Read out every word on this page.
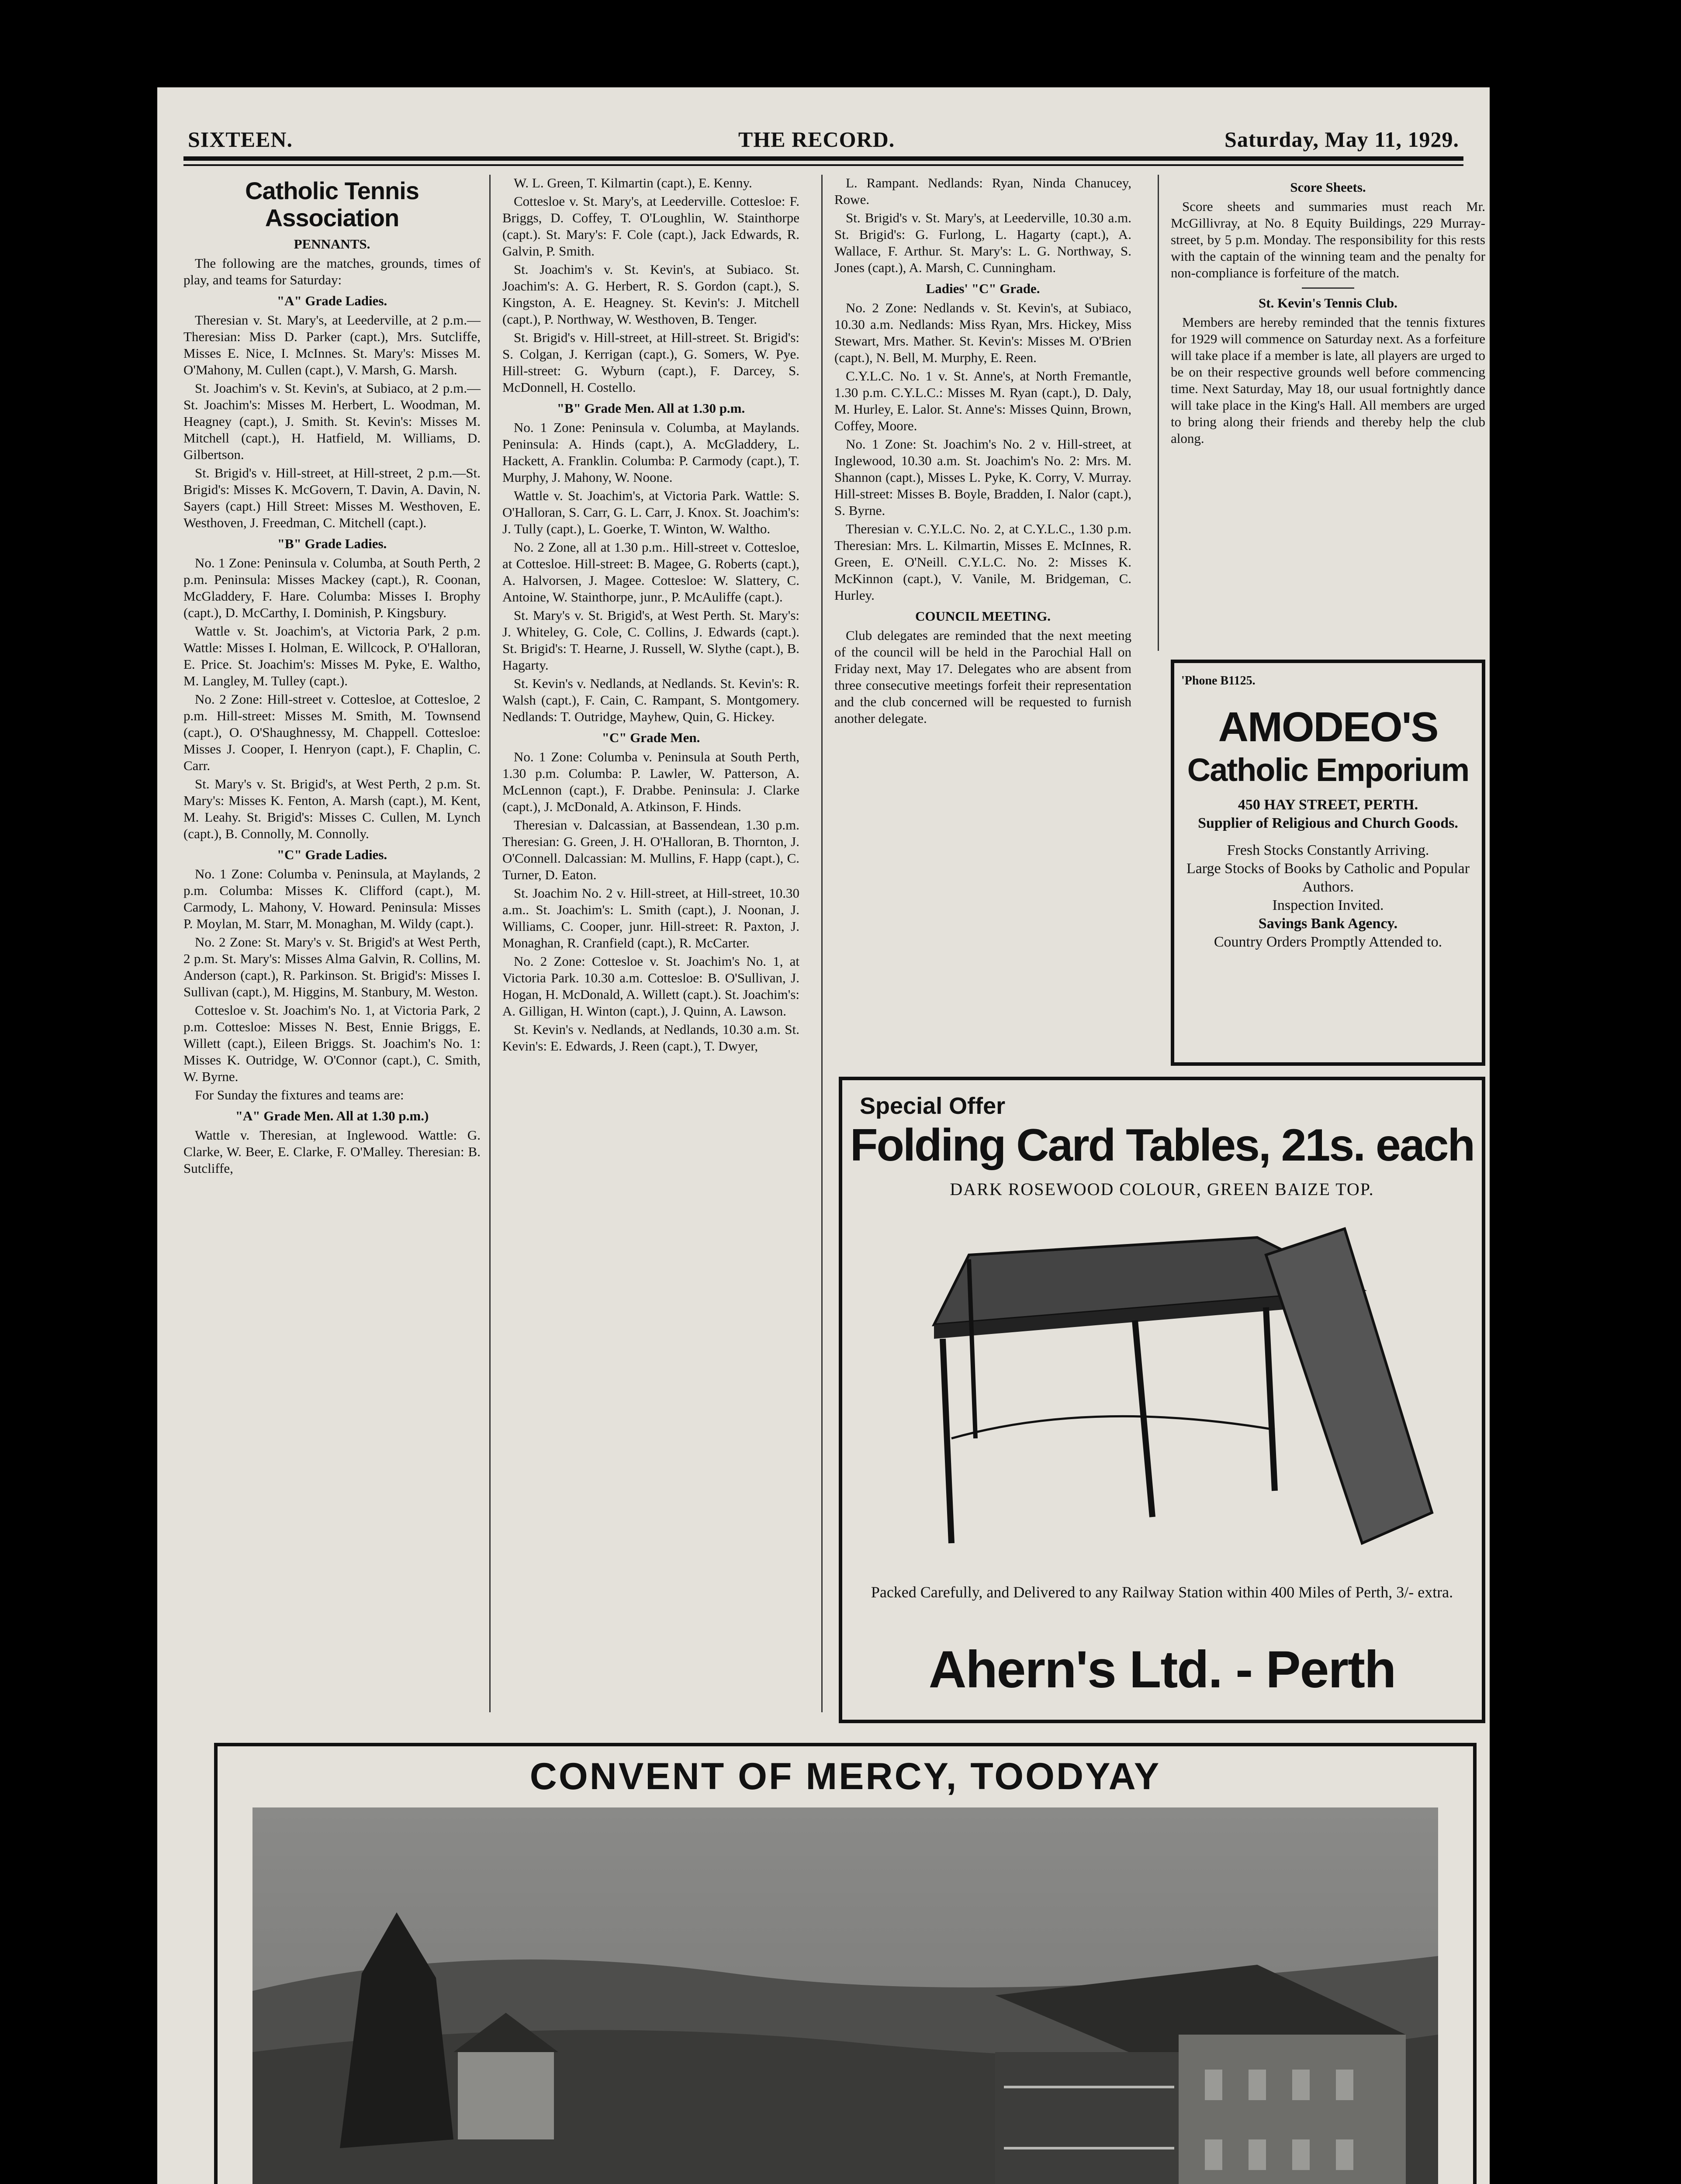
SIXTEEN.	THE RECORD.	Saturday, May 11, 1929.
Catholic Tennis Association
PENNANTS.

The following are the matches, grounds, times of play, and teams for Saturday:

"A" Grade Ladies.

Theresian v. St. Mary's, at Leederville, at 2 p.m.—Theresian: Miss D. Parker (capt.), Mrs. Sutcliffe, Misses E. Nice, I. McInnes. St. Mary's: Misses M. O'Mahony, M. Cullen (capt.), V. Marsh, G. Marsh.

St. Joachim's v. St. Kevin's, at Subiaco, at 2 p.m.—St. Joachim's: Misses M. Herbert, L. Woodman, M. Heagney (capt.), J. Smith. St. Kevin's: Misses M. Mitchell (capt.), H. Hatfield, M. Williams, D. Gilbertson.

St. Brigid's v. Hill-street, at Hill-street, 2 p.m.—St. Brigid's: Misses K. McGovern, T. Davin, A. Davin, N. Sayers (capt.) Hill Street: Misses M. Westhoven, E. Westhoven, J. Freedman, C. Mitchell (capt.).

"B" Grade Ladies.

No. 1 Zone: Peninsula v. Columba, at South Perth, 2 p.m. Peninsula: Misses Mackey (capt.), R. Coonan, McGladdery, F. Hare. Columba: Misses I. Brophy (capt.), D. McCarthy, I. Dominish, P. Kingsbury.

Wattle v. St. Joachim's, at Victoria Park, 2 p.m. Wattle: Misses I. Holman, E. Willcock, P. O'Halloran, E. Price. St. Joachim's: Misses M. Pyke, E. Waltho, M. Langley, M. Tulley (capt.).

No. 2 Zone: Hill-street v. Cottesloe, at Cottesloe, 2 p.m. Hill-street: Misses M. Smith, M. Townsend (capt.), O. O'Shaughnessy, M. Chappell. Cottesloe: Misses J. Cooper, I. Henryon (capt.), F. Chaplin, C. Carr.

St. Mary's v. St. Brigid's, at West Perth, 2 p.m. St. Mary's: Misses K. Fenton, A. Marsh (capt.), M. Kent, M. Leahy. St. Brigid's: Misses C. Cullen, M. Lynch (capt.), B. Connolly, M. Connolly.

"C" Grade Ladies.

No. 1 Zone: Columba v. Peninsula, at Maylands, 2 p.m. Columba: Misses K. Clifford (capt.), M. Carmody, L. Mahony, V. Howard. Peninsula: Misses P. Moylan, M. Starr, M. Monaghan, M. Wildy (capt.).

No. 2 Zone: St. Mary's v. St. Brigid's at West Perth, 2 p.m. St. Mary's: Misses Alma Galvin, R. Collins, M. Anderson (capt.), R. Parkinson. St. Brigid's: Misses I. Sullivan (capt.), M. Higgins, M. Stanbury, M. Weston.

Cottesloe v. St. Joachim's No. 1, at Victoria Park, 2 p.m. Cottesloe: Misses N. Best, Ennie Briggs, E. Willett (capt.), Eileen Briggs. St. Joachim's No. 1: Misses K. Outridge, W. O'Connor (capt.), C. Smith, W. Byrne.

For Sunday the fixtures and teams are:

"A" Grade Men. All at 1.30 p.m.)

Wattle v. Theresian, at Inglewood. Wattle: G. Clarke, W. Beer, E. Clarke, F. O'Malley. Theresian: B. Sutcliffe,

W. L. Green, T. Kilmartin (capt.), E. Kenny.

Cottesloe v. St. Mary's, at Leederville. Cottesloe: F. Briggs, D. Coffey, T. O'Loughlin, W. Stainthorpe (capt.). St. Mary's: F. Cole (capt.), Jack Edwards, R. Galvin, P. Smith.

St. Joachim's v. St. Kevin's, at Subiaco. St. Joachim's: A. G. Herbert, R. S. Gordon (capt.), S. Kingston, A. E. Heagney. St. Kevin's: J. Mitchell (capt.), P. Northway, W. Westhoven, B. Tenger.

St. Brigid's v. Hill-street, at Hill-street. St. Brigid's: S. Colgan, J. Kerrigan (capt.), G. Somers, W. Pye. Hill-street: G. Wyburn (capt.), F. Darcey, S. McDonnell, H. Costello.

"B" Grade Men. All at 1.30 p.m.

No. 1 Zone: Peninsula v. Columba, at Maylands. Peninsula: A. Hinds (capt.), A. McGladdery, L. Hackett, A. Franklin. Columba: P. Carmody (capt.), T. Murphy, J. Mahony, W. Noone.

Wattle v. St. Joachim's, at Victoria Park. Wattle: S. O'Halloran, S. Carr, G. L. Carr, J. Knox. St. Joachim's: J. Tully (capt.), L. Goerke, T. Winton, W. Waltho.

No. 2 Zone, all at 1.30 p.m.. Hill-street v. Cottesloe, at Cottesloe. Hill-street: B. Magee, G. Roberts (capt.), A. Halvorsen, J. Magee. Cottesloe: W. Slattery, C. Antoine, W. Stainthorpe, junr., P. McAuliffe (capt.).

St. Mary's v. St. Brigid's, at West Perth. St. Mary's: J. Whiteley, G. Cole, C. Collins, J. Edwards (capt.). St. Brigid's: T. Hearne, J. Russell, W. Slythe (capt.), B. Hagarty.

St. Kevin's v. Nedlands, at Nedlands. St. Kevin's: R. Walsh (capt.), F. Cain, C. Rampant, S. Montgomery. Nedlands: T. Outridge, Mayhew, Quin, G. Hickey.

"C" Grade Men.

No. 1 Zone: Columba v. Peninsula at South Perth, 1.30 p.m. Columba: P. Lawler, W. Patterson, A. McLennon (capt.), F. Drabbe. Peninsula: J. Clarke (capt.), J. McDonald, A. Atkinson, F. Hinds.

Theresian v. Dalcassian, at Bassendean, 1.30 p.m. Theresian: G. Green, J. H. O'Halloran, B. Thornton, J. O'Connell. Dalcassian: M. Mullins, F. Happ (capt.), C. Turner, D. Eaton.

St. Joachim No. 2 v. Hill-street, at Hill-street, 10.30 a.m.. St. Joachim's: L. Smith (capt.), J. Noonan, J. Williams, C. Cooper, junr. Hill-street: R. Paxton, J. Monaghan, R. Cranfield (capt.), R. McCarter.

No. 2 Zone: Cottesloe v. St. Joachim's No. 1, at Victoria Park. 10.30 a.m. Cottesloe: B. O'Sullivan, J. Hogan, H. McDonald, A. Willett (capt.). St. Joachim's: A. Gilligan, H. Winton (capt.), J. Quinn, A. Lawson.

St. Kevin's v. Nedlands, at Nedlands, 10.30 a.m. St. Kevin's: E. Edwards, J. Reen (capt.), T. Dwyer,

L. Rampant. Nedlands: Ryan, Ninda Chanucey, Rowe.

St. Brigid's v. St. Mary's, at Leederville, 10.30 a.m. St. Brigid's: G. Furlong, L. Hagarty (capt.), A. Wallace, F. Arthur. St. Mary's: L. G. Northway, S. Jones (capt.), A. Marsh, C. Cunningham.

Ladies' "C" Grade.

No. 2 Zone: Nedlands v. St. Kevin's, at Subiaco, 10.30 a.m. Nedlands: Miss Ryan, Mrs. Hickey, Miss Stewart, Mrs. Mather. St. Kevin's: Misses M. O'Brien (capt.), N. Bell, M. Murphy, E. Reen.

C.Y.L.C. No. 1 v. St. Anne's, at North Fremantle, 1.30 p.m. C.Y.L.C.: Misses M. Ryan (capt.), D. Daly, M. Hurley, E. Lalor. St. Anne's: Misses Quinn, Brown, Coffey, Moore.

No. 1 Zone: St. Joachim's No. 2 v. Hill-street, at Inglewood, 10.30 a.m. St. Joachim's No. 2: Mrs. M. Shannon (capt.), Misses L. Pyke, K. Corry, V. Murray. Hill-street: Misses B. Boyle, Bradden, I. Nalor (capt.), S. Byrne.

Theresian v. C.Y.L.C. No. 2, at C.Y.L.C., 1.30 p.m. Theresian: Mrs. L. Kilmartin, Misses E. McInnes, R. Green, E. O'Neill. C.Y.L.C. No. 2: Misses K. McKinnon (capt.), V. Vanile, M. Bridgeman, C. Hurley.

COUNCIL MEETING.

Club delegates are reminded that the next meeting of the council will be held in the Parochial Hall on Friday next, May 17. Delegates who are absent from three consecutive meetings forfeit their representation and the club concerned will be requested to furnish another delegate.

Score Sheets.

Score sheets and summaries must reach Mr. McGillivray, at No. 8 Equity Buildings, 229 Murray-street, by 5 p.m. Monday. The responsibility for this rests with the captain of the winning team and the penalty for non-compliance is forfeiture of the match.

St. Kevin's Tennis Club.

Members are hereby reminded that the tennis fixtures for 1929 will commence on Saturday next. As a forfeiture will take place if a member is late, all players are urged to be on their respective grounds well before commencing time. Next Saturday, May 18, our usual fortnightly dance will take place in the King's Hall. All members are urged to bring along their friends and thereby help the club along.

'Phone B1125.
AMODEO'S
Catholic Emporium
450 HAY STREET, PERTH.
Supplier of Religious and Church Goods.
Fresh Stocks Constantly Arriving.
Large Stocks of Books by Catholic and Popular Authors.
Inspection Invited.
Savings Bank Agency.
Country Orders Promptly Attended to.
Special Offer
Folding Card Tables, 21s. each
DARK ROSEWOOD COLOUR, GREEN BAIZE TOP.
Packed Carefully, and Delivered to any Railway Station within 400 Miles of Perth, 3/- extra.
Ahern's Ltd. - Perth
CONVENT OF MERCY, TOODYAY
